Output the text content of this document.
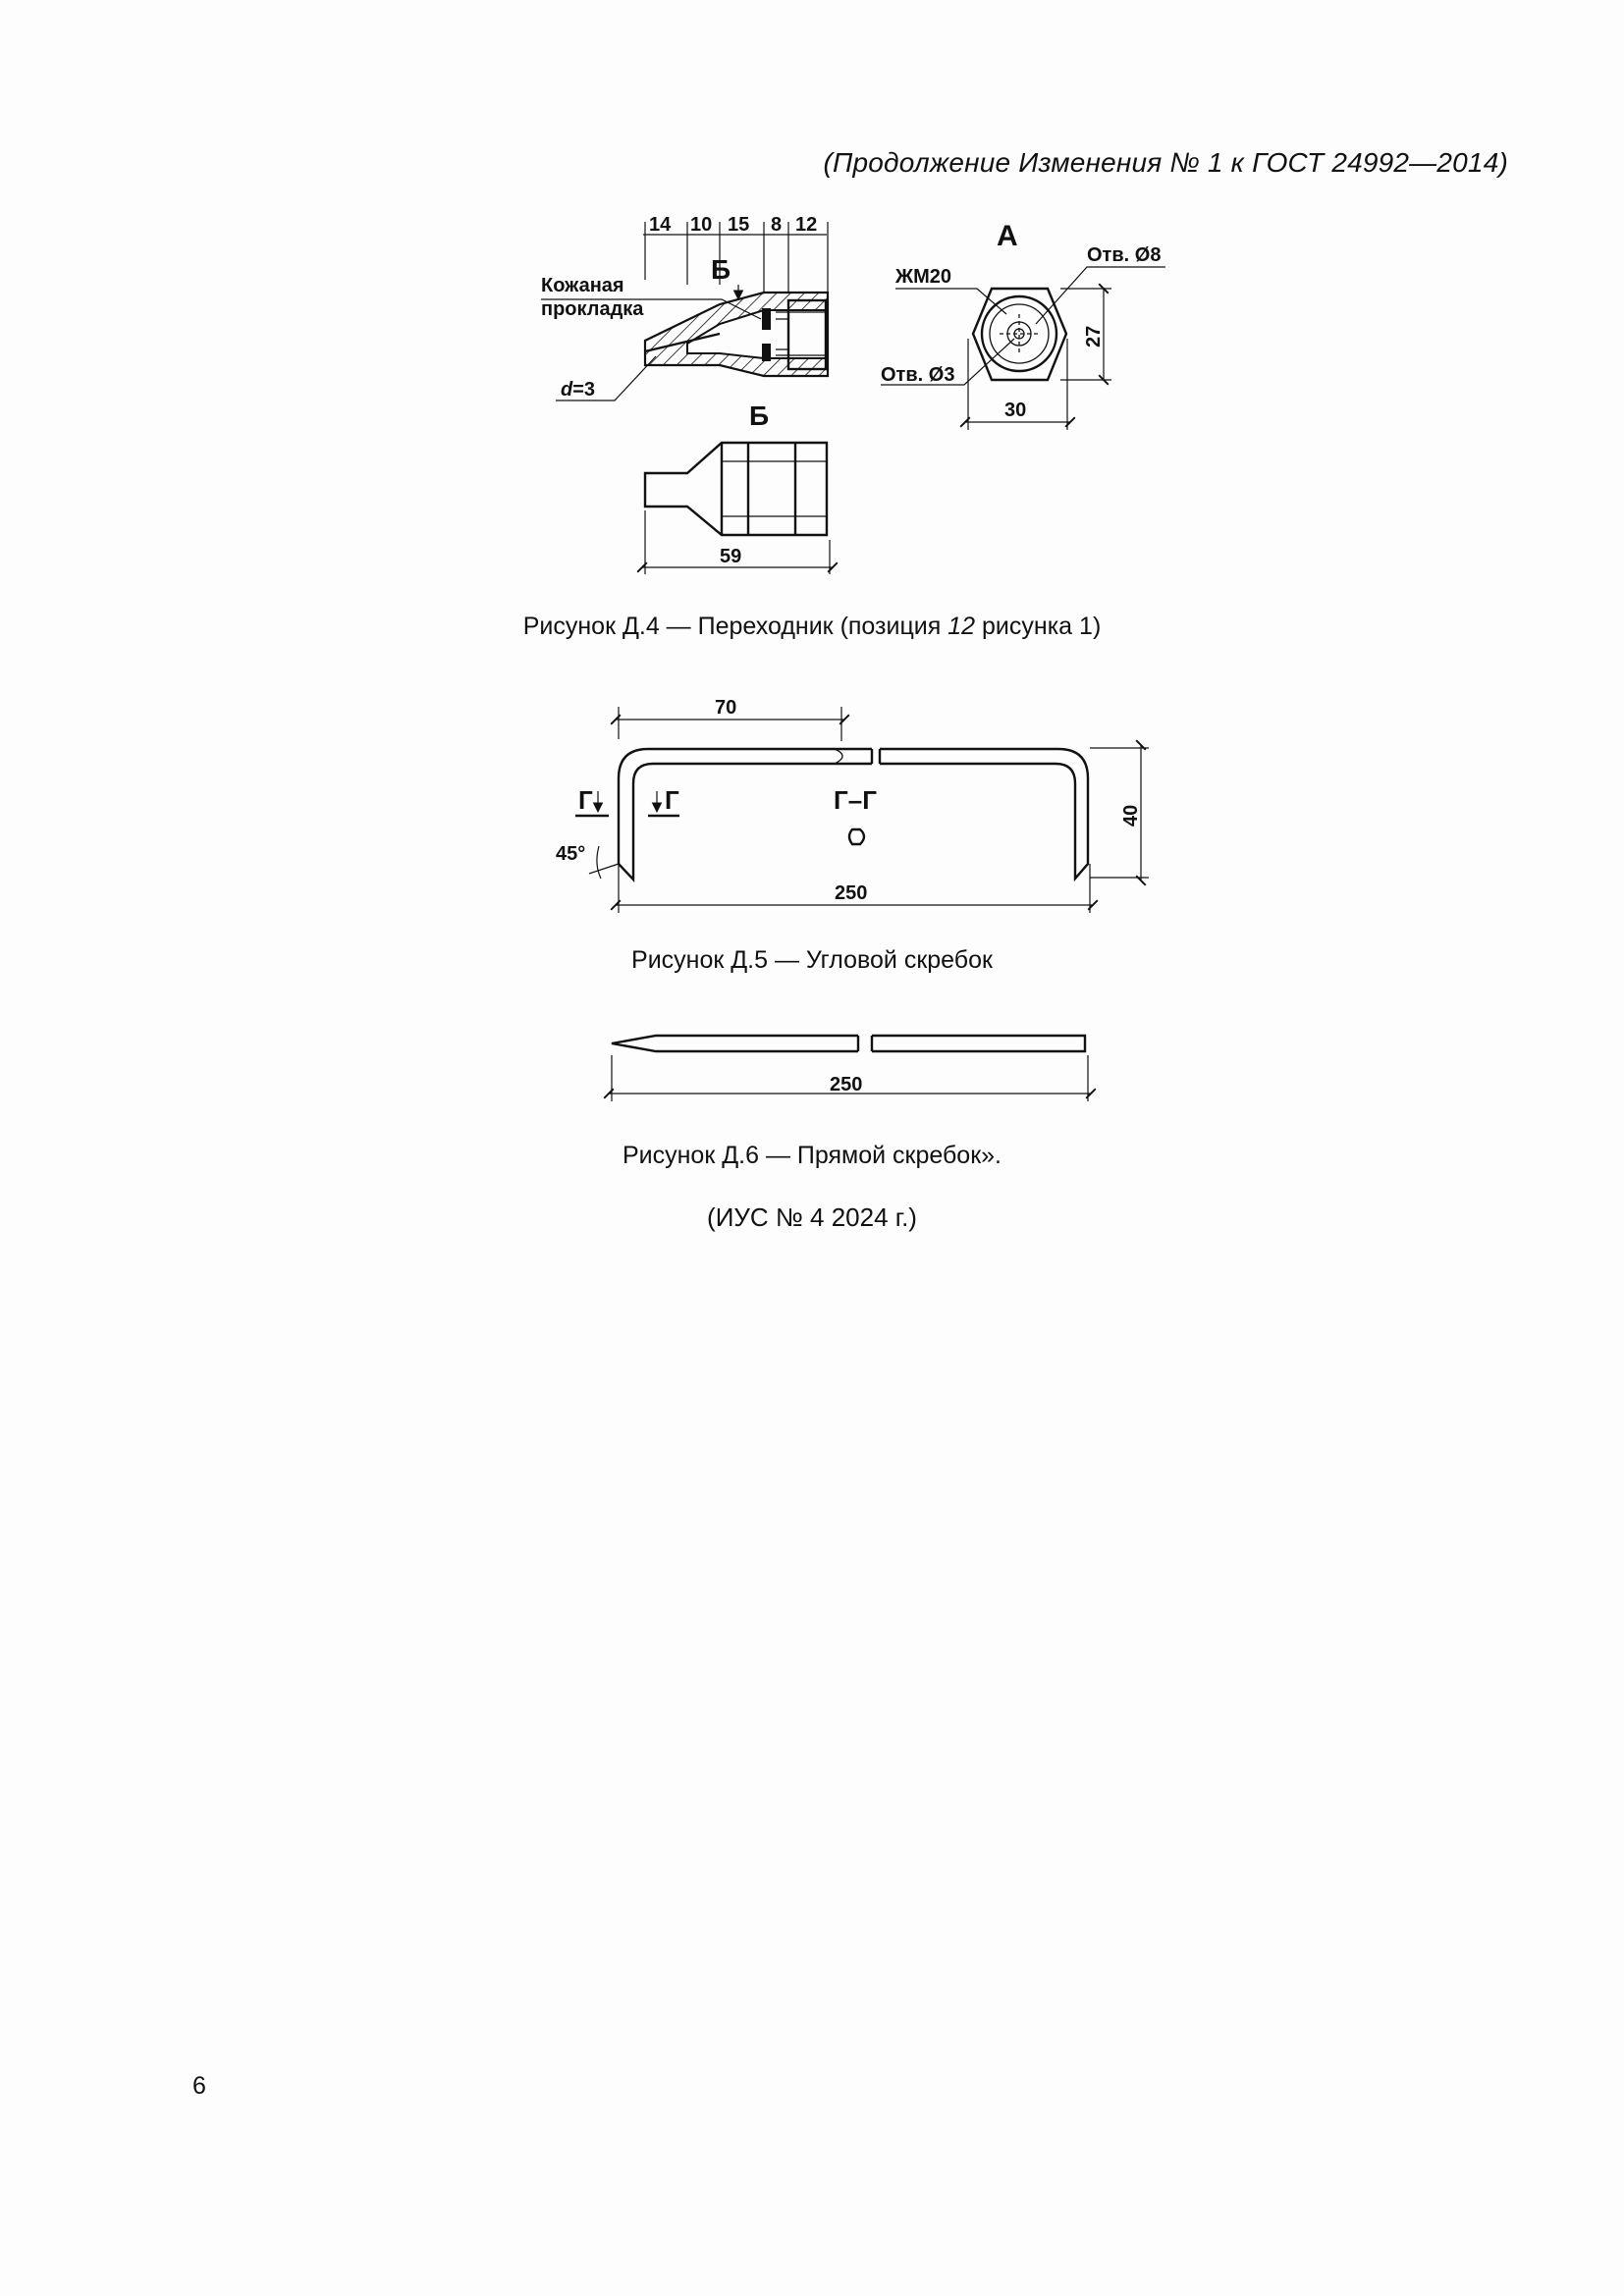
(Продолжение Изменения № 1 к ГОСТ 24992—2014)
14 10 15 8 12
Б
Кожаная
прокладка
d=3
А
ЖМ20
Отв. Ø8
Отв. Ø3
27
30
Б
59
70
40
250
Г	Г	Г–Г
45°
250
Рисунок Д.4 — Переходник (позиция 12 рисунка 1)
Рисунок Д.5 — Угловой скребок
Рисунок Д.6 — Прямой скребок».
(ИУС № 4 2024 г.)
6
